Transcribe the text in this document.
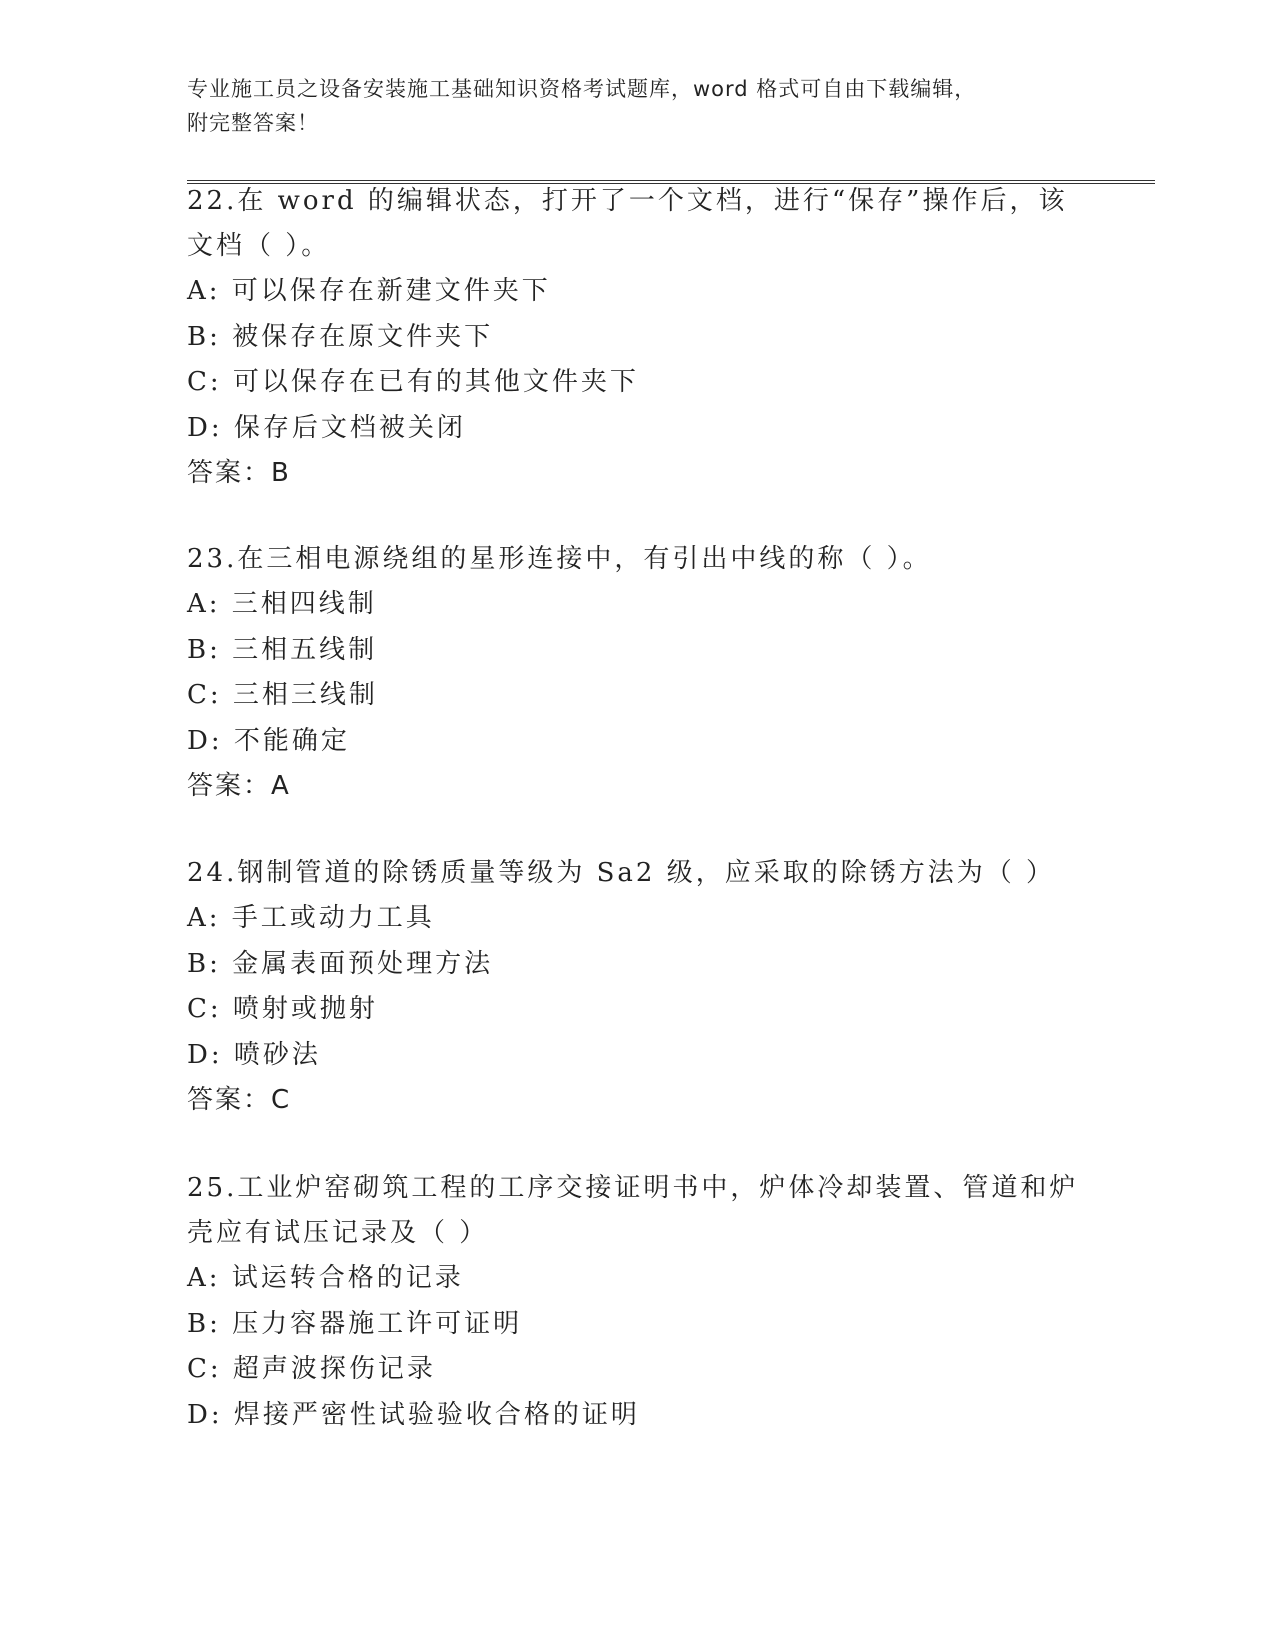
专业施工员之设备安装施工基础知识资格考试题库，word 格式可自由下载编辑，
附完整答案！
22.在 word 的编辑状态，打开了一个文档，进行“保存”操作后，该
文档（ ）。
A: 可以保存在新建文件夹下
B: 被保存在原文件夹下
C: 可以保存在已有的其他文件夹下
D: 保存后文档被关闭
答案：B
23.在三相电源绕组的星形连接中，有引出中线的称（ ）。
A: 三相四线制
B: 三相五线制
C: 三相三线制
D: 不能确定
答案：A
24.钢制管道的除锈质量等级为 Sa2 级，应采取的除锈方法为（ ）
A: 手工或动力工具
B: 金属表面预处理方法
C: 喷射或抛射
D: 喷砂法
答案：C
25.工业炉窑砌筑工程的工序交接证明书中，炉体冷却装置、管道和炉
壳应有试压记录及（ ）
A: 试运转合格的记录
B: 压力容器施工许可证明
C: 超声波探伤记录
D: 焊接严密性试验验收合格的证明
